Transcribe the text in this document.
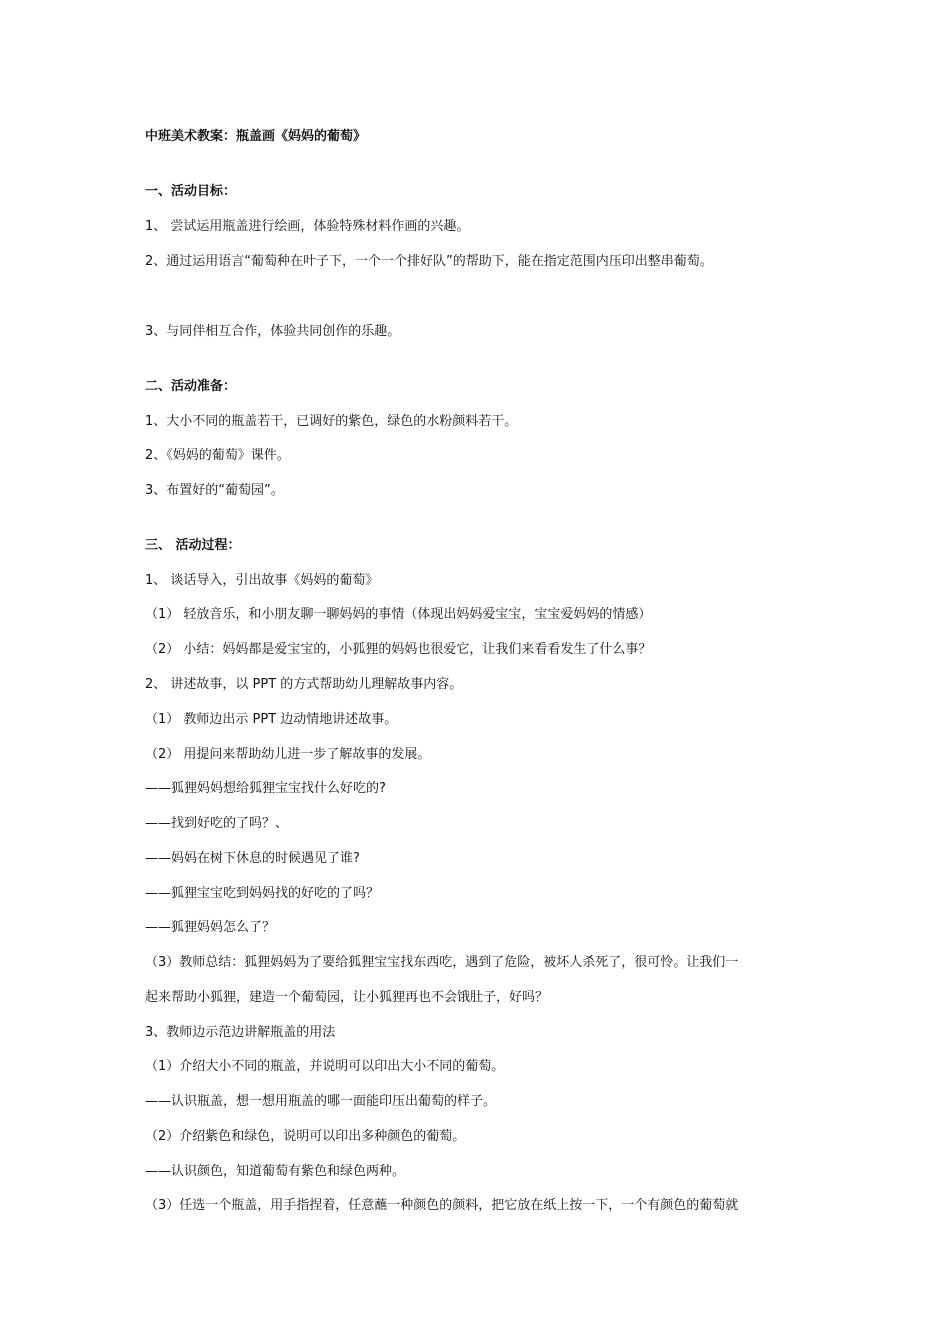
中班美术教案：瓶盖画《妈妈的葡萄》
一、活动目标：
1、 尝试运用瓶盖进行绘画，体验特殊材料作画的兴趣。
2、通过运用语言“葡萄种在叶子下，一个一个排好队”的帮助下，能在指定范围内压印出整串葡萄。
3、与同伴相互合作，体验共同创作的乐趣。
二、活动准备：
1、大小不同的瓶盖若干，已调好的紫色，绿色的水粉颜料若干。
2、《妈妈的葡萄》课件。
3、布置好的“葡萄园”。
三、 活动过程：
1、 谈话导入，引出故事《妈妈的葡萄》
（1） 轻放音乐，和小朋友聊一聊妈妈的事情（体现出妈妈爱宝宝，宝宝爱妈妈的情感）
（2） 小结：妈妈都是爱宝宝的，小狐狸的妈妈也很爱它，让我们来看看发生了什么事？
2、 讲述故事，以 PPT 的方式帮助幼儿理解故事内容。
（1） 教师边出示 PPT 边动情地讲述故事。
（2） 用提问来帮助幼儿进一步了解故事的发展。
——狐狸妈妈想给狐狸宝宝找什么好吃的?
——找到好吃的了吗？、
——妈妈在树下休息的时候遇见了谁?
——狐狸宝宝吃到妈妈找的好吃的了吗？
——狐狸妈妈怎么了？
（3）教师总结：狐狸妈妈为了要给狐狸宝宝找东西吃，遇到了危险，被坏人杀死了，很可怜。让我们一
起来帮助小狐狸，建造一个葡萄园，让小狐狸再也不会饿肚子，好吗？
3、教师边示范边讲解瓶盖的用法
（1）介绍大小不同的瓶盖，并说明可以印出大小不同的葡萄。
——认识瓶盖，想一想用瓶盖的哪一面能印压出葡萄的样子。
（2）介绍紫色和绿色，说明可以印出多种颜色的葡萄。
——认识颜色，知道葡萄有紫色和绿色两种。
（3）任选一个瓶盖，用手指捏着，任意蘸一种颜色的颜料，把它放在纸上按一下，一个有颜色的葡萄就
